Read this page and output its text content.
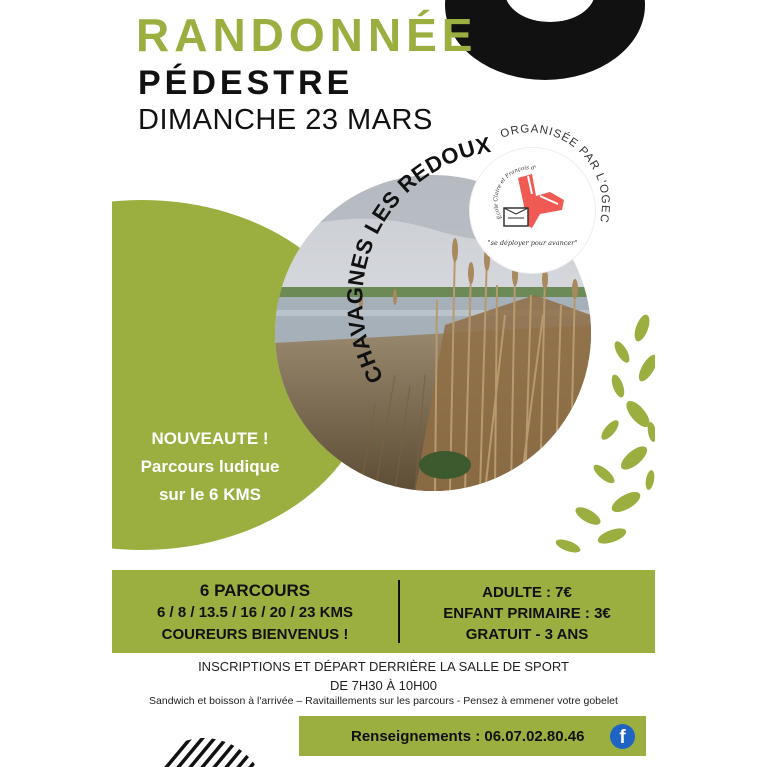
RANDONNÉE
PÉDESTRE
DIMANCHE 23 MARS
CHAVAGNES LES REDOUX
"se déployer pour avancer"
École Claire et François d'
ORGANISÉE PAR L'OGEC
NOUVEAUTE !
Parcours ludique
sur le 6 KMS
6 PARCOURS
6 / 8 / 13.5 / 16 / 20 / 23 KMS
COUREURS BIENVENUS !
ADULTE : 7€
ENFANT PRIMAIRE : 3€
GRATUIT - 3 ANS
INSCRIPTIONS ET DÉPART DERRIÈRE LA SALLE DE SPORT
DE 7H30 À 10H00
Sandwich et boisson à l'arrivée – Ravitaillements sur les parcours - Pensez à emmener votre gobelet
Renseignements : 06.07.02.80.46	f
